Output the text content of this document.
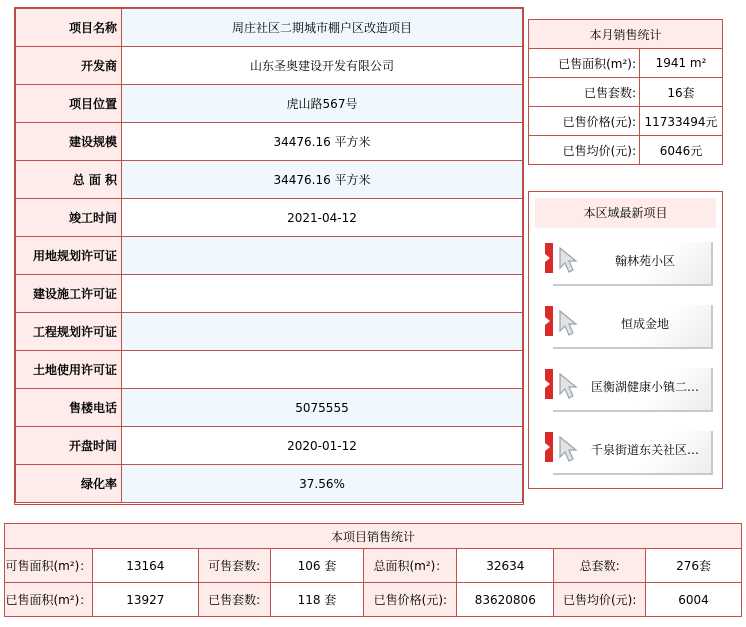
项目名称	周庄社区二期城市棚户区改造项目
开发商	山东圣奥建设开发有限公司
项目位置	虎山路567号
建设规模	34476.16 平方米
总 面 积	34476.16 平方米
竣工时间	2021-04-12
用地规划许可证	
建设施工许可证	
工程规划许可证	
土地使用许可证	
售楼电话	5075555
开盘时间	2020-01-12
绿化率	37.56%
本月销售统计	
已售面积(m²):	1941 m²
已售套数:	16套
已售价格(元):	11733494元
已售均价(元):	6046元
本区域最新项目
翰林苑小区
恒成金地
匡衡湖健康小镇二…
千泉街道东关社区…
本项目销售统计							
可售面积(m²)：	13164	可售套数:	106 套	总面积(m²)：	32634	总套数:	276套
已售面积(m²)：	13927	已售套数:	118 套	已售价格(元):	83620806	已售均价(元):	6004
